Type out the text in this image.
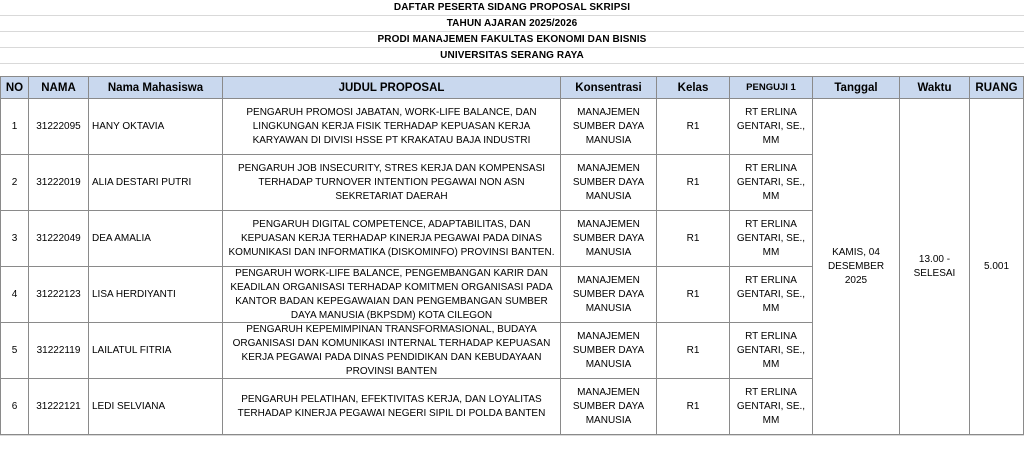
DAFTAR PESERTA SIDANG PROPOSAL SKRIPSI
TAHUN AJARAN 2025/2026
PRODI MANAJEMEN FAKULTAS EKONOMI DAN BISNIS
UNIVERSITAS SERANG RAYA
NO	NAMA	Nama Mahasiswa	JUDUL PROPOSAL	Konsentrasi	Kelas	PENGUJI 1	Tanggal	Waktu	RUANG
1	31222095	HANY OKTAVIA	PENGARUH PROMOSI JABATAN, WORK-LIFE BALANCE, DAN LINGKUNGAN KERJA FISIK TERHADAP KEPUASAN KERJA KARYAWAN DI DIVISI HSSE PT KRAKATAU BAJA INDUSTRI	MANAJEMEN SUMBER DAYA MANUSIA	R1	RT ERLINA GENTARI, SE., MM	KAMIS, 04 DESEMBER 2025	13.00 - SELESAI	5.001
2	31222019	ALIA DESTARI PUTRI	PENGARUH JOB INSECURITY, STRES KERJA DAN KOMPENSASI TERHADAP TURNOVER INTENTION PEGAWAI NON ASN SEKRETARIAT DAERAH	MANAJEMEN SUMBER DAYA MANUSIA	R1	RT ERLINA GENTARI, SE., MM			
3	31222049	DEA AMALIA	PENGARUH DIGITAL COMPETENCE, ADAPTABILITAS, DAN KEPUASAN KERJA TERHADAP KINERJA PEGAWAI PADA DINAS KOMUNIKASI DAN INFORMATIKA (DISKOMINFO) PROVINSI BANTEN.	MANAJEMEN SUMBER DAYA MANUSIA	R1	RT ERLINA GENTARI, SE., MM			
4	31222123	LISA HERDIYANTI	PENGARUH WORK-LIFE BALANCE, PENGEMBANGAN KARIR DAN KEADILAN ORGANISASI TERHADAP KOMITMEN ORGANISASI PADA KANTOR BADAN KEPEGAWAIAN DAN PENGEMBANGAN SUMBER DAYA MANUSIA (BKPSDM) KOTA CILEGON	MANAJEMEN SUMBER DAYA MANUSIA	R1	RT ERLINA GENTARI, SE., MM			
5	31222119	LAILATUL FITRIA	PENGARUH KEPEMIMPINAN TRANSFORMASIONAL, BUDAYA ORGANISASI DAN KOMUNIKASI INTERNAL TERHADAP KEPUASAN KERJA PEGAWAI PADA DINAS PENDIDIKAN DAN KEBUDAYAAN PROVINSI BANTEN	MANAJEMEN SUMBER DAYA MANUSIA	R1	RT ERLINA GENTARI, SE., MM			
6	31222121	LEDI SELVIANA	PENGARUH PELATIHAN, EFEKTIVITAS KERJA, DAN LOYALITAS TERHADAP KINERJA PEGAWAI NEGERI SIPIL DI POLDA BANTEN	MANAJEMEN SUMBER DAYA MANUSIA	R1	RT ERLINA GENTARI, SE., MM			
